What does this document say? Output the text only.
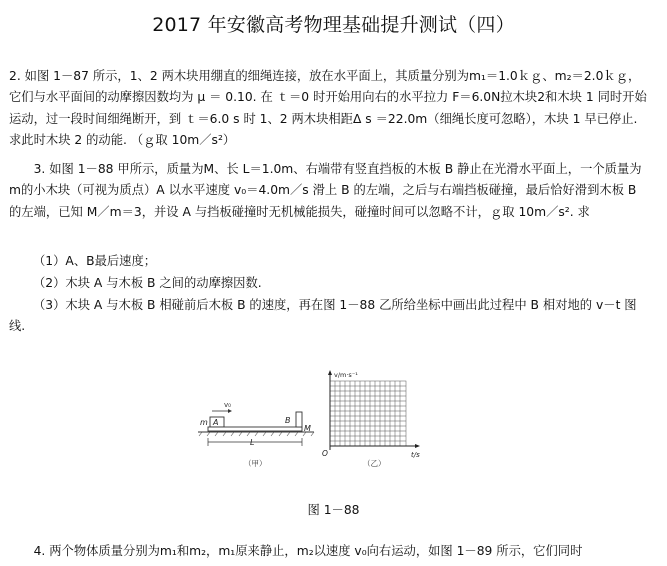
2017 年安徽高考物理基础提升测试（四）

2. 如图 1－87 所示，1、2 两木块用绷直的细绳连接，放在水平面上，其质量分别为m₁＝1.0ｋｇ、m₂＝2.0ｋｇ，它们与水平面间的动摩擦因数均为 μ ＝ 0.10. 在 ｔ＝0 时开始用向右的水平拉力 F＝6.0N拉木块2和木块 1 同时开始运动，过一段时间细绳断开，到 ｔ＝6.0 s 时 1、2 两木块相距Δ s ＝22.0m（细绳长度可忽略），木块 1 早已停止. 求此时木块 2 的动能. （ｇ取 10m／s²）

3. 如图 1－88 甲所示，质量为M、长 L＝1.0m、右端带有竖直挡板的木板 B 静止在光滑水平面上，一个质量为m的小木块（可视为质点）A 以水平速度 v₀＝4.0m／s 滑上 B 的左端，之后与右端挡板碰撞，最后恰好滑到木板 B 的左端，已知 M／m＝3，并设 A 与挡板碰撞时无机械能损失，碰撞时间可以忽略不计，ｇ取 10m／s². 求

（1）A、B最后速度；
（2）木块 A 与木板 B 之间的动摩擦因数.

（3）木块 A 与木板 B 相碰前后木板 B 的速度，再在图 1－88 乙所给坐标中画出此过程中 B 相对地的 v－t 图线.

v₀
A
m	B
M
L
（甲）
v/m·s⁻¹
t/s
O
（乙）
图 1－88

4. 两个物体质量分别为m₁和m₂，m₁原来静止，m₂以速度 v₀向右运动，如图 1－89 所示，它们同时
